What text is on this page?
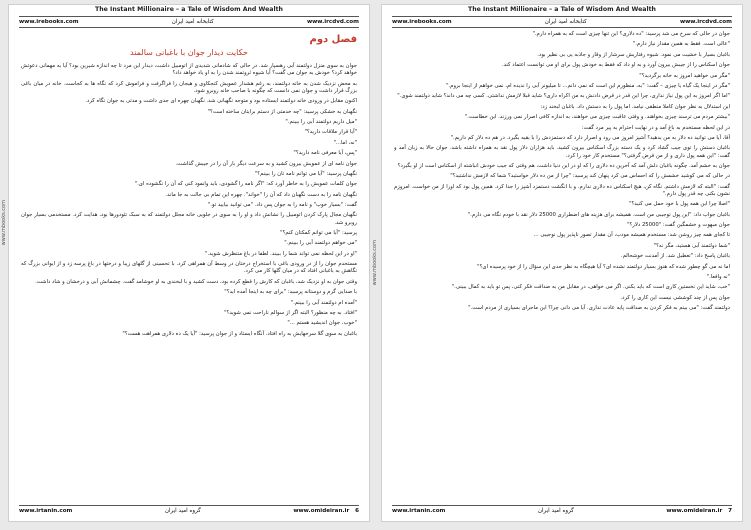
The Instant Millionaire – a Tale of Wisdom And Wealth
www.irebooks.com	کتابخانه امید ایران	www.ircdvd.com
فصل دوم
حکایت دیدار جوان با باغبانی سالمند

جوان به سوی منزل دولتمند آبی رهسپار شد. در حالی که شادمانی شدیدی از اتومبیل داشت، دیدار این مرد تا چه اندازه شیرین بود؟ آیا به مهمانی دعوتش خواهد کرد؟ خودش به جوان می گفت؟ آیا شیوه ثروتمند شدن را به او یاد خواهد داد؟

به محض نزدیک شدن به خانه دولتمند، به رغم هشدار عمویش کنجکاوی و هیجان را فراگرفت و فراموش کرد که نگاه ها به کجاست. خانه در میان باغی بزرگ قرار داشت و جوان نمی دانست که چگونه با صاحب خانه روبرو شود.

اکنون مقابل در ورودی خانه دولتمند ایستاده بود و متوجه نگهبانی شد. نگهبان چهره ای جدی داشت و مدتی به جوان نگاه کرد.

نگهبان به خشکی پرسید: "چه خدمتی از دستم برایتان ساخته است؟"

"میل داریم دولتمند آبی را ببینم."

"آیا قرار ملاقات دارید؟"

"نه، اما..."

"پس، آیا معرفی نامه دارید؟"

جوان نامه ای از عمویش بیرون کشید و به سرعت دیگر بار آن را در جیبش گذاشت.

نگهبان پرسید: "آیا می توانم نامه تان را ببینم؟"

جوان کلمات عمویش را به خاطر آورد که: "اگر نامه را گشودی، باید وانمود کنی که آن را نگشوده ای."

نگهبان نامه را به دست نگهبان داد که آن را "خواند". چهره این تمام بی حالت به جا ماند.

گفت: "بسیار خوب" و نامه را به جوان پس داد. "می توانید بیایید تو."

نگهبان مجال پارک کردن اتومبیل را نشانش داد و او را به سوی در جلویی خانه مجلل دولتمند که به سبک تئودورها بود، هدایت کرد. مستخدمی بسیار جوان روبرو شد.

پرسید: "آیا می توانم کمکتان کنم؟"

"می خواهم دولتمند آبی را ببینم."

"او در این لحظه نمی تواند شما را ببیند. لطفا در باغ منتظرش شوید."

مستخدم جوان را از در ورودی باغی با استخراج درختان در وسط آن همراهی کرد. با تحسینی از گلهای زیبا و درختها در باغ پرسه زد و از ایوانی بزرگ که نگاهش به باغبانی افتاد که در میان گلها کار می کرد.

وقتی جوان به او نزدیک شد، باغبان که کارش را قطع کرده بود، دست کشید و با لبخندی به او خوشامد گفت. چشمانش آبی و درخشان و شاد داشت.

با صدایی گرم و دوستانه پرسید: "برای چه به اینجا آمده اید؟"

"آمده ام دولتمند آبی را ببینم."

"افتاد. به چه منظور؟ البته اگر از سوالم ناراحت نمی شوید؟"

"خوب، جوان اندیشید هستم ..."

باغبان به سوی گلا سرخهایش به راه افتاد. آنگاه ایستاد و از جوان پرسید: "آیا یک ده دلاری همراهت هست؟"

www.irtanin.com	گروه امید ایران	www.omideiran.ir 6
The Instant Millionaire – a Tale of Wisdom And Wealth
www.irebooks.com	کتابخانه امید ایران	www.ircdvd.com

جوان در حالی که سرخ می شد پرسید: "ده دلاری؟ این تنها چیزی است که به همراه دارم."

"عالی است. فقط به همین مقدار نیاز دارم."

باغبان بسیار با خشیت می نمود. شیوه رفتاریش سرشار از وقار و جاذبه یی بی نظیر بود.

جوان اسکناس را از جیبش بیرون آورد و به او داد که فقط به خودش پول برای او می توانست اعتماد کند.

"مگر می خواهید امروز به خانه برگردید؟"

"مگر در اینجا یک گیاه یا چیزی – گفت: "به، منظورم این است که نمی دانم... تا میلیونر آبی را ندیده ام، نمی خواهم از اینجا بروم."

"اما اگر امروز به این پول نیاز نداری، چرا این قدر در قرض دادنش به من اکراه داری؟ شاید قبلا لازمش نداشتی. کسی چه می داند؟ شاید دولتمند شوی."

این استدلال به نظر جوان کاملا منطقی نیامد. اما پول را به دستش داد. باغبان لبخند زد:

"بیشتر مردم می ترسند چیزی بخواهند. و وقتی عاقبت چیزی می خواهند، به اندازه کافی اصرار نمی ورزند. این خطاست."

در این لحظه مستخدم به باغ آمد و در نهایت احترام به پیر مرد گفت:

آقا، آیا می توانید ده دلار به من بدهید؟ آشپز امروز می رود و اصرار دارد که دستمزدش را با بقیه بگیرد. در هم ده دلار کم داریم."

باغبان دستش را توی جیب گشاد کرد و یک دسته بزرگ اسکناس بیرون کشید. باید هزاران دلار پول نقد به همراه داشته باشد. جوان حالا به زبان آمد و گفت: "این همه پول داری و از من قرض گرفتی؟" مستخدم کار خود را کرد.

جوان به خشم آمد. چگونه باغبان دلش آمد که آخرین ده دلاری را که او در این دنیا داشت، هم وقتی که جیب خودش انباشته از اسکناس است از او بگیرد؟

در حالی که می کوشید خشمش را که احساس می کرد پنهان کند پرسید: "چرا از من ده دلار خواستید؟ شما که لازمش نداشتید؟"

گفت: "البته که لازمش داشتم. نگاه کن، هیچ اسکناس ده دلاری ندارم. و با انگشت دستمزد آشپز را جدا کرد. همین پول بود که اورا از من خواست. امروزم نشون بکنی چه قدر پول دارم."

"اصلا چرا این همه پول با خود حمل می کنید؟"

باغبان جواب داد: "این پول توجیبی من است. همیشه برای هزینه های اضطراری 25000 دلار نقد با خودم نگاه می دارم."

جوان مبهوت و خشمگین گفت: "25000 دلار؟"

تا کجای همه چیز روشن شد: مستخدم همیشه مودب، آن مقدار تصور ناپذیر پول نوجیبی ...

"شما دولتمند آبی هستید، مگر نه؟"

باغبان پاسخ داد: "تعطیل شد. از آمدنت خوشحالم.

اما نه می گو چطور شده که هنوز بسیار دولتمند نشده ای؟ آیا هیچگاه به نظر جدی این سؤال را از خود پرسیده ای؟"

"نه واقعا."

"خب، شاید این نخستین کاری است که باید بکنی. اگر می خواهی، در مقابل من به صداقت فکر کنی، پس تو باید به کمال ببینی."

جوان پس از چند کوششی نیست این کاری را کرد.

دولتمند گفت: "می بینم به فکر کردن به صداقت پایه عادت نداری. آیا می دانی چرا؟ این ماجرای بسیاری از مردم است."

www.irtanin.com	گروه امید ایران	www.omideiran.ir 7
www.mbooks.com
www.mbooks.com
